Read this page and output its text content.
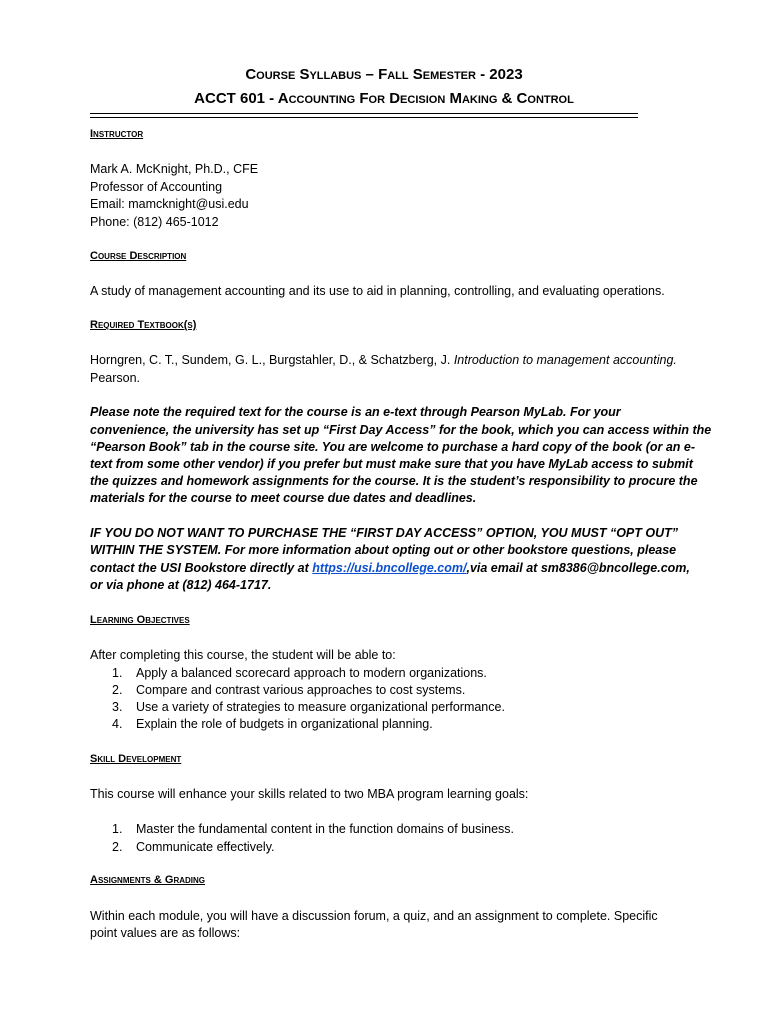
Course Syllabus – Fall Semester - 2023
ACCT 601 - Accounting For Decision Making & Control
Instructor
Mark A. McKnight, Ph.D., CFE
Professor of Accounting
Email: mamcknight@usi.edu
Phone: (812) 465-1012
Course Description
A study of management accounting and its use to aid in planning, controlling, and evaluating operations.
Required Textbook(s)
Horngren, C. T., Sundem, G. L., Burgstahler, D., & Schatzberg, J. Introduction to management accounting.
Pearson.
Please note the required text for the course is an e-text through Pearson MyLab. For your
convenience, the university has set up “First Day Access” for the book, which you can access within the
“Pearson Book” tab in the course site. You are welcome to purchase a hard copy of the book (or an e-
text from some other vendor) if you prefer but must make sure that you have MyLab access to submit
the quizzes and homework assignments for the course. It is the student’s responsibility to procure the
materials for the course to meet course due dates and deadlines.
IF YOU DO NOT WANT TO PURCHASE THE “FIRST DAY ACCESS” OPTION, YOU MUST “OPT OUT”
WITHIN THE SYSTEM. For more information about opting out or other bookstore questions, please
contact the USI Bookstore directly at https://usi.bncollege.com/,via email at sm8386@bncollege.com,
or via phone at (812) 464-1717.
Learning Objectives
After completing this course, the student will be able to:
1.	Apply a balanced scorecard approach to modern organizations.
2.	Compare and contrast various approaches to cost systems.
3.	Use a variety of strategies to measure organizational performance.
4.	Explain the role of budgets in organizational planning.
Skill Development
This course will enhance your skills related to two MBA program learning goals:
1.	Master the fundamental content in the function domains of business.
2.	Communicate effectively.
Assignments & Grading
Within each module, you will have a discussion forum, a quiz, and an assignment to complete. Specific
point values are as follows:
